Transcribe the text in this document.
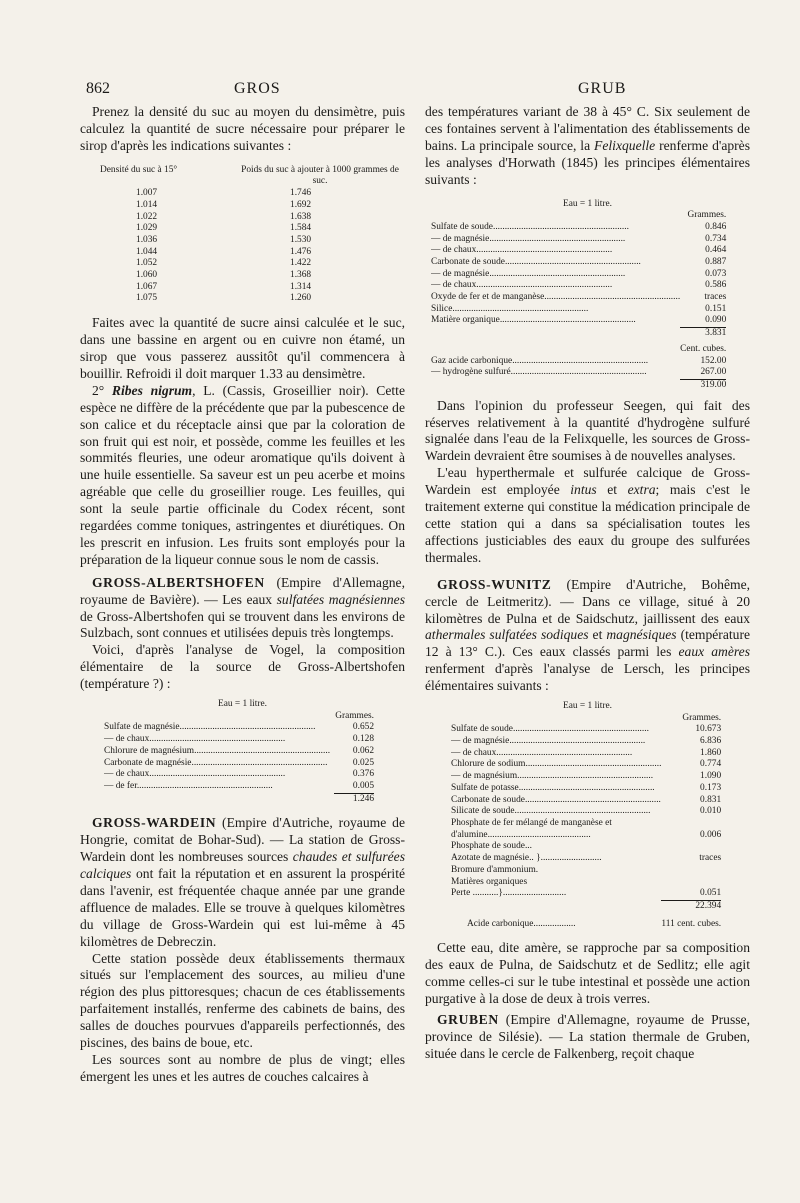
862	GROS	GRUB

Prenez la densité du suc au moyen du densimètre, puis calculez la quantité de sucre nécessaire pour préparer le sirop d'après les indications suivantes :

Densité du suc à 15°	Poids du suc à ajouter à 1000 grammes de suc.
1.007	1.746
1.014	1.692
1.022	1.638
1.029	1.584
1.036	1.530
1.044	1.476
1.052	1.422
1.060	1.368
1.067	1.314
1.075	1.260

Faites avec la quantité de sucre ainsi calculée et le suc, dans une bassine en argent ou en cuivre non étamé, un sirop que vous passerez aussitôt qu'il commencera à bouillir. Refroidi il doit marquer 1.33 au densimètre.

2° Ribes nigrum, L. (Cassis, Groseillier noir). Cette espèce ne diffère de la précédente que par la pubescence de son calice et du réceptacle ainsi que par la coloration de son fruit qui est noir, et possède, comme les feuilles et les sommités fleuries, une odeur aromatique qu'ils doivent à une huile essentielle. Sa saveur est un peu acerbe et moins agréable que celle du groseillier rouge. Les feuilles, qui sont la seule partie officinale du Codex récent, sont regardées comme toniques, astringentes et diurétiques. On les prescrit en infusion. Les fruits sont employés pour la préparation de la liqueur connue sous le nom de cassis.

GROSS-ALBERTSHOFEN (Empire d'Allemagne, royaume de Bavière). — Les eaux sulfatées magnésiennes de Gross-Albertshofen qui se trouvent dans les environs de Sulzbach, sont connues et utilisées depuis très longtemps.

Voici, d'après l'analyse de Vogel, la composition élémentaire de la source de Gross-Albertshofen (température ?) :

Eau = 1 litre.
	Grammes.
Sulfate de magnésie..........................................................	0.652
— de chaux..........................................................	0.128
Chlorure de magnésium..........................................................	0.062
Carbonate de magnésie..........................................................	0.025
— de chaux..........................................................	0.376
— de fer..........................................................	0.005
	1.246

GROSS-WARDEIN (Empire d'Autriche, royaume de Hongrie, comitat de Bohar-Sud). — La station de Gross-Wardein dont les nombreuses sources chaudes et sulfurées calciques ont fait la réputation et en assurent la prospérité dans l'avenir, est fréquentée chaque année par une grande affluence de malades. Elle se trouve à quelques kilomètres du village de Gross-Wardein qui est lui-même à 45 kilomètres de Debreczin.

Cette station possède deux établissements thermaux situés sur l'emplacement des sources, au milieu d'une région des plus pittoresques; chacun de ces établissements parfaitement installés, renferme des cabinets de bains, des salles de douches pourvues d'appareils perfectionnés, des piscines, des bains de boue, etc.

Les sources sont au nombre de plus de vingt; elles émergent les unes et les autres de couches calcaires à

des températures variant de 38 à 45° C. Six seulement de ces fontaines servent à l'alimentation des établissements de bains. La principale source, la Felixquelle renferme d'après les analyses d'Horwath (1845) les principes élémentaires suivants :

Eau = 1 litre.
	Grammes.
Sulfate de soude..........................................................	0.846
— de magnésie..........................................................	0.734
— de chaux..........................................................	0.464
Carbonate de soude..........................................................	0.887
— de magnésie..........................................................	0.073
— de chaux..........................................................	0.586
Oxyde de fer et de manganèse..........................................................	traces
Silice..........................................................	0.151
Matière organique..........................................................	0.090
	3.831
	Cent. cubes.
Gaz acide carbonique..........................................................	152.00
— hydrogène sulfuré..........................................................	267.00
	319.00

Dans l'opinion du professeur Seegen, qui fait des réserves relativement à la quantité d'hydrogène sulfuré signalée dans l'eau de la Felixquelle, les sources de Gross-Wardein devraient être soumises à de nouvelles analyses.

L'eau hyperthermale et sulfurée calcique de Gross-Wardein est employée intus et extra; mais c'est le traitement externe qui constitue la médication principale de cette station qui a dans sa spécialisation toutes les affections justiciables des eaux du groupe des sulfurées thermales.

GROSS-WUNITZ (Empire d'Autriche, Bohême, cercle de Leitmeritz). — Dans ce village, situé à 20 kilomètres de Pulna et de Saidschutz, jaillissent des eaux athermales sulfatées sodiques et magnésiques (température 12 à 13° C.). Ces eaux classés parmi les eaux amères renferment d'après l'analyse de Lersch, les principes élémentaires suivants :

Eau = 1 litre.
	Grammes.
Sulfate de soude..........................................................	10.673
— de magnésie..........................................................	6.836
— de chaux..........................................................	1.860
Chlorure de sodium..........................................................	0.774
— de magnésium..........................................................	1.090
Sulfate de potasse..........................................................	0.173
Carbonate de soude..........................................................	0.831
Silicate de soude..........................................................	0.010
Phosphate de fer mélangé de manganèse et	
d'alumine............................................	0.006
Phosphate de soude...	
Azotate de magnésie.. }..........................	traces
Bromure d'ammonium.	
Matières organiques	
Perte ...........}...........................	0.051
	22.394
Acide carbonique..................	111 cent. cubes.

Cette eau, dite amère, se rapproche par sa composition des eaux de Pulna, de Saidschutz et de Sedlitz; elle agit comme celles-ci sur le tube intestinal et possède une action purgative à la dose de deux à trois verres.

GRUBEN (Empire d'Allemagne, royaume de Prusse, province de Silésie). — La station thermale de Gruben, située dans le cercle de Falkenberg, reçoit chaque
